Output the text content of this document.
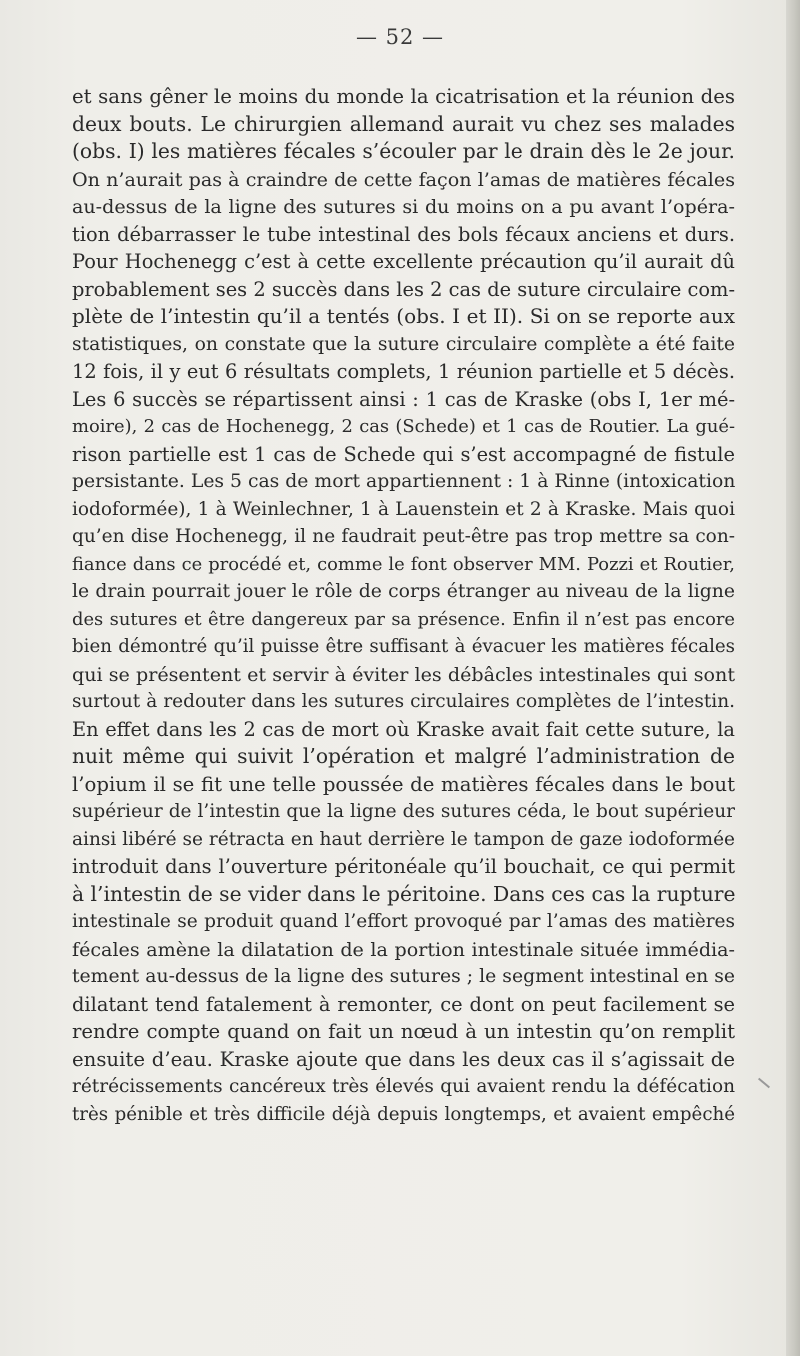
— 52 —
et sans gêner le moins du monde la cicatrisation et la réunion des
deux bouts. Le chirurgien allemand aurait vu chez ses malades
(obs. I) les matières fécales s’écouler par le drain dès le 2e jour.
On n’aurait pas à craindre de cette façon l’amas de matières fécales
au-dessus de la ligne des sutures si du moins on a pu avant l’opéra-
tion débarrasser le tube intestinal des bols fécaux anciens et durs.
Pour Hochenegg c’est à cette excellente précaution qu’il aurait dû
probablement ses 2 succès dans les 2 cas de suture circulaire com-
plète de l’intestin qu’il a tentés (obs. I et II). Si on se reporte aux
statistiques, on constate que la suture circulaire complète a été faite
12 fois, il y eut 6 résultats complets, 1 réunion partielle et 5 décès.
Les 6 succès se répartissent ainsi : 1 cas de Kraske (obs I, 1er mé-
moire), 2 cas de Hochenegg, 2 cas (Schede) et 1 cas de Routier. La gué-
rison partielle est 1 cas de Schede qui s’est accompagné de fistule
persistante. Les 5 cas de mort appartiennent : 1 à Rinne (intoxication
iodoformée), 1 à Weinlechner, 1 à Lauenstein et 2 à Kraske. Mais quoi
qu’en dise Hochenegg, il ne faudrait peut-être pas trop mettre sa con-
fiance dans ce procédé et, comme le font observer MM. Pozzi et Routier,
le drain pourrait jouer le rôle de corps étranger au niveau de la ligne
des sutures et être dangereux par sa présence. Enfin il n’est pas encore
bien démontré qu’il puisse être suffisant à évacuer les matières fécales
qui se présentent et servir à éviter les débâcles intestinales qui sont
surtout à redouter dans les sutures circulaires complètes de l’intestin.
En effet dans les 2 cas de mort où Kraske avait fait cette suture, la
nuit même qui suivit l’opération et malgré l’administration de
l’opium il se fit une telle poussée de matières fécales dans le bout
supérieur de l’intestin que la ligne des sutures céda, le bout supérieur
ainsi libéré se rétracta en haut derrière le tampon de gaze iodoformée
introduit dans l’ouverture péritonéale qu’il bouchait, ce qui permit
à l’intestin de se vider dans le péritoine. Dans ces cas la rupture
intestinale se produit quand l’effort provoqué par l’amas des matières
fécales amène la dilatation de la portion intestinale située immédia-
tement au-dessus de la ligne des sutures ; le segment intestinal en se
dilatant tend fatalement à remonter, ce dont on peut facilement se
rendre compte quand on fait un nœud à un intestin qu’on remplit
ensuite d’eau. Kraske ajoute que dans les deux cas il s’agissait de
rétrécissements cancéreux très élevés qui avaient rendu la défécation
très pénible et très difficile déjà depuis longtemps, et avaient empêché
